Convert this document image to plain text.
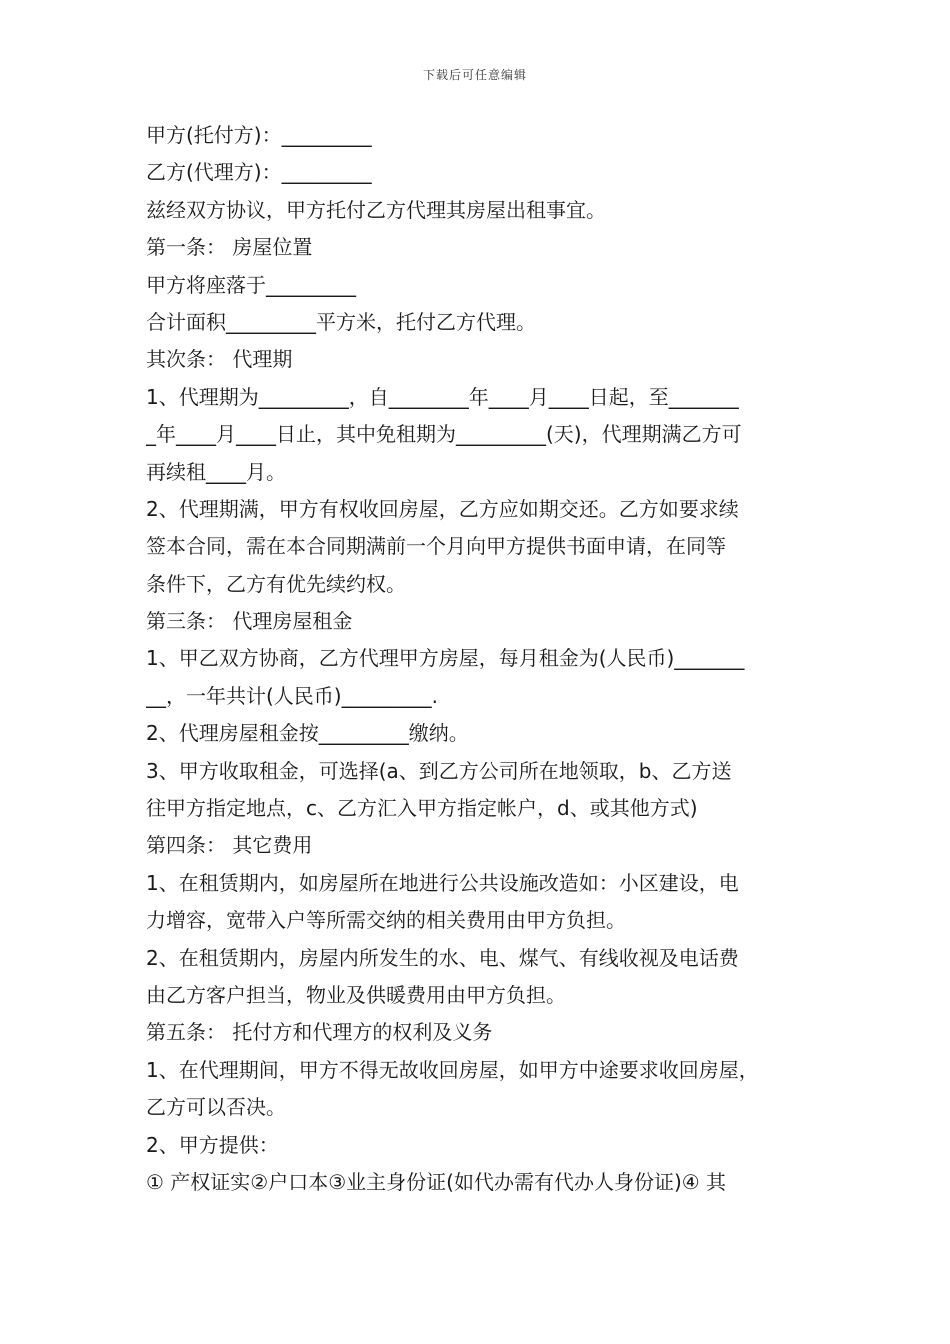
下载后可任意编辑
甲方(托付方)：_________
乙方(代理方)：_________
兹经双方协议，甲方托付乙方代理其房屋出租事宜。
第一条： 房屋位置
甲方将座落于_________
合计面积_________平方米，托付乙方代理。
其次条： 代理期
1、代理期为_________，自________年____月____日起，至_______
_年____月____日止，其中免租期为_________(天)，代理期满乙方可
再续租____月。
2、代理期满，甲方有权收回房屋，乙方应如期交还。乙方如要求续
签本合同，需在本合同期满前一个月向甲方提供书面申请，在同等
条件下，乙方有优先续约权。
第三条： 代理房屋租金
1、甲乙双方协商，乙方代理甲方房屋，每月租金为(人民币)_______
__，一年共计(人民币)_________.
2、代理房屋租金按_________缴纳。
3、甲方收取租金，可选择(a、到乙方公司所在地领取，b、乙方送
往甲方指定地点，c、乙方汇入甲方指定帐户，d、或其他方式)
第四条： 其它费用
1、在租赁期内，如房屋所在地进行公共设施改造如：小区建设，电
力增容，宽带入户等所需交纳的相关费用由甲方负担。
2、在租赁期内，房屋内所发生的水、电、煤气、有线收视及电话费
由乙方客户担当，物业及供暖费用由甲方负担。
第五条： 托付方和代理方的权利及义务
1、在代理期间，甲方不得无故收回房屋，如甲方中途要求收回房屋，
乙方可以否决。
2、甲方提供：
① 产权证实②户口本③业主身份证(如代办需有代办人身份证)④ 其
